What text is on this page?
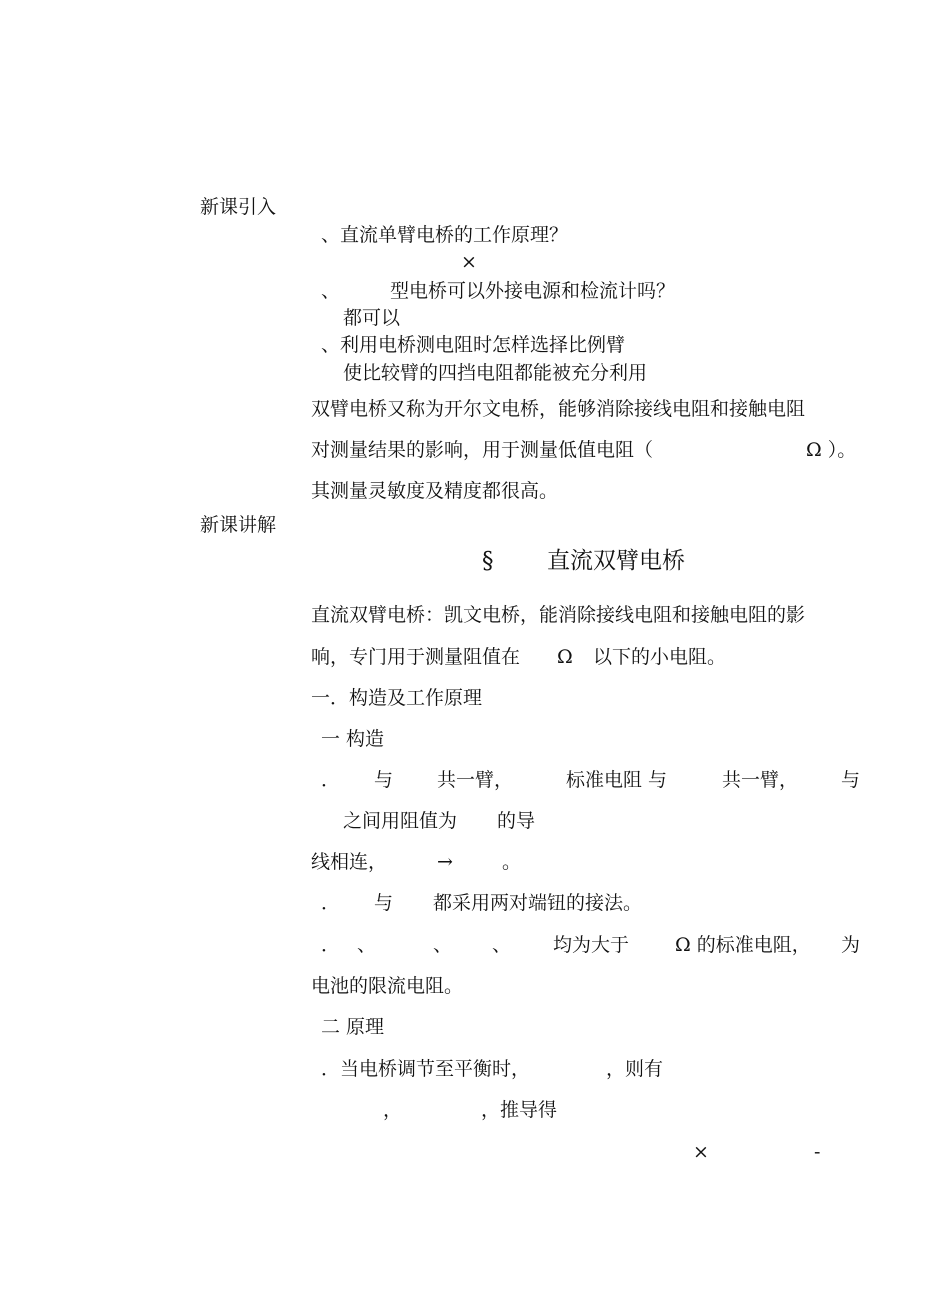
新课引入
、直流单臂电桥的工作原理？
×
、	型电桥可以外接电源和检流计吗？
都可以
、利用电桥测电阻时怎样选择比例臂
使比较臂的四挡电阻都能被充分利用
双臂电桥又称为开尔文电桥，能够消除接线电阻和接触电阻
对测量结果的影响，用于测量低值电阻（	Ω ）。
其测量灵敏度及精度都很高。
新课讲解
§ 直流双臂电桥
直流双臂电桥：凯文电桥，能消除接线电阻和接触电阻的影
响，专门用于测量阻值在 Ω 以下的小电阻。
一．构造及工作原理
一 构造
． 与 共一臂，	标准电阻 与	共一臂， 与
之间用阻值为 的导
线相连，	→	。
． 与 都采用两对端钮的接法。
． 、	、 、 均为大于 Ω 的标准电阻， 为
电池的限流电阻。
二 原理
．当电桥调节至平衡时，	，则有
，	，推导得
×	-
